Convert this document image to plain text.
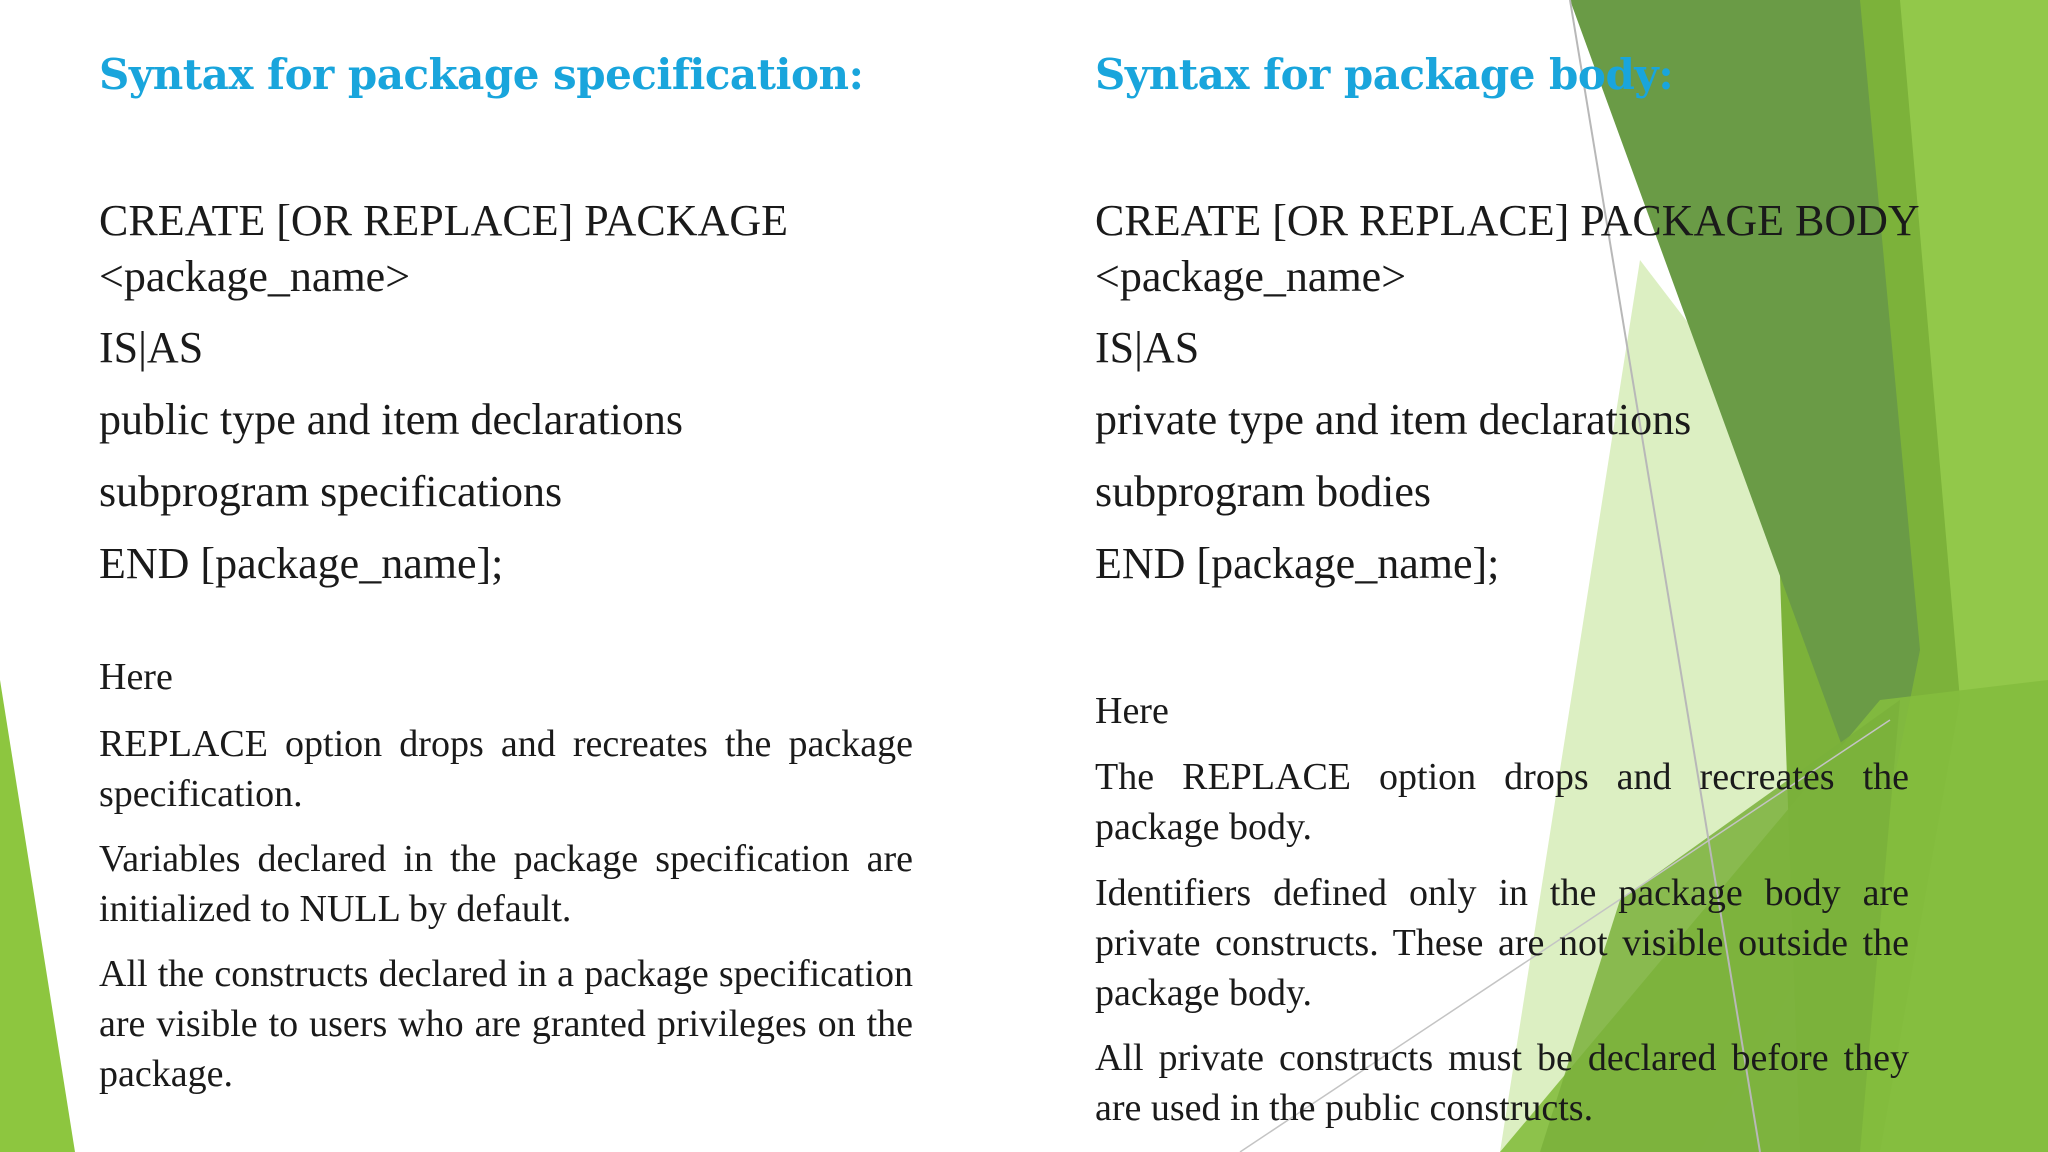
Syntax for package specification:
CREATE [OR REPLACE] PACKAGE
<package_name>
IS|AS
public type and item declarations
subprogram specifications
END [package_name];
Here
REPLACE option drops and recreates the package specification.
Variables declared in the package specification are initialized to NULL by default.
All the constructs declared in a package specification are visible to users who are granted privileges on the package.
Syntax for package body:
CREATE [OR REPLACE] PACKAGE BODY
<package_name>
IS|AS
private type and item declarations
subprogram bodies
END [package_name];
Here
The REPLACE option drops and recreates the package body.
Identifiers defined only in the package body are private constructs. These are not visible outside the package body.
All private constructs must be declared before they are used in the public constructs.
